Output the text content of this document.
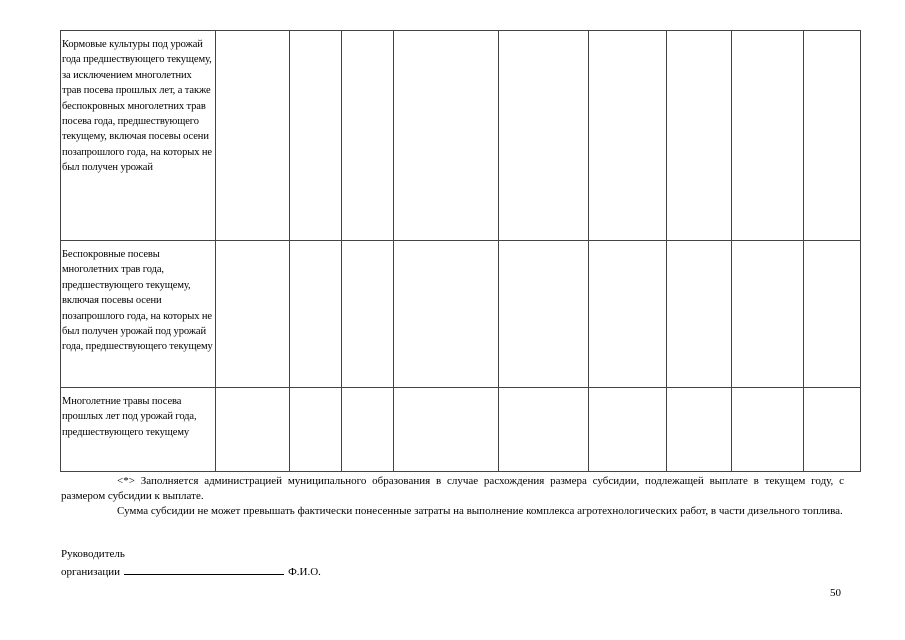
Кормовые культуры под урожай года предшествующего текущему, за исключением многолетних трав посева прошлых лет, а также беспокровных многолетних трав посева года, предшествующего текущему, включая посевы осени позапрошлого года, на которых не был получен урожай									
Беспокровные посевы многолетних трав года, предшествующего текущему, включая посевы осени позапрошлого года, на которых не был получен урожай под урожай года, предшествующего текущему									
Многолетние травы посева прошлых лет под урожай года, предшествующего текущему									
<*> Заполняется администрацией муниципального образования в случае расхождения размера субсидии, подлежащей выплате в текущем году, с размером субсидии к выплате.
Сумма субсидии не может превышать фактически понесенные затраты на выполнение комплекса агротехнологических работ, в части дизельного топлива.
Руководитель
организации	Ф.И.О.
50
